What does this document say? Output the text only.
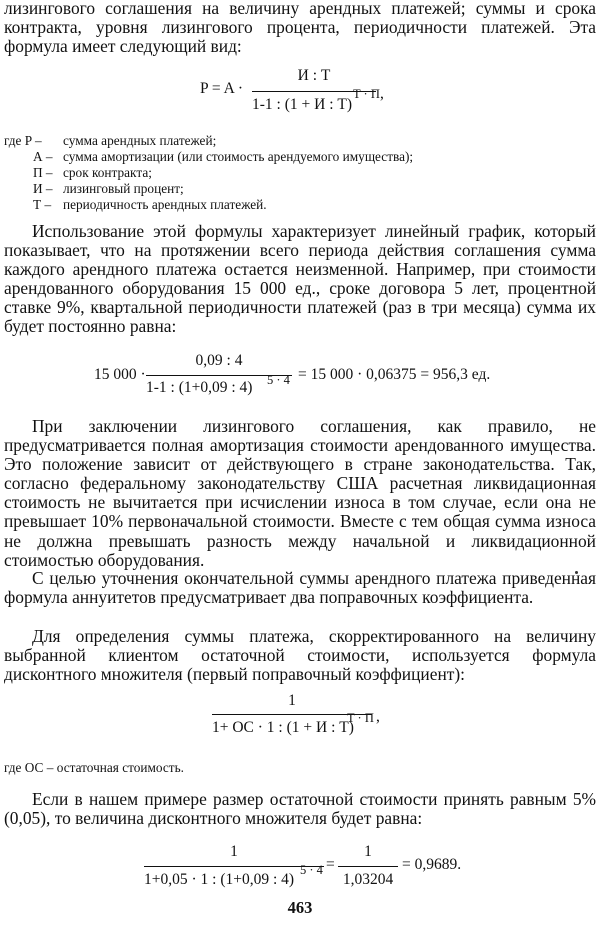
лизингового соглашения на величину арендных платежей; суммы и срока контракта, уровня лизингового процента, периодичности платежей. Эта формула имеет следующий вид:
P = A ·
И : T
1-1 : (1 + И : T)
T · П ,
где P – сумма арендных платежей;
А – сумма амортизации (или стоимость арендуемого имущества);
П – срок контракта;
И – лизинговый процент;
Т – периодичность арендных платежей.
Использование этой формулы характеризует линейный график, который показывает, что на протяжении всего периода действия соглашения сумма каждого арендного платежа остается неизменной. Например, при стоимости арендованного оборудования 15 000 ед., сроке договора 5 лет, процентной ставке 9%, квартальной периодичности платежей (раз в три месяца) сумма их будет постоянно равна:
15 000 ·
0,09 : 4
1-1 : (1+0,09 : 4) 5 · 4 = 15 000 · 0,06375 = 956,3 ед.
При заключении лизингового соглашения, как правило, не предусматривается полная амортизация стоимости арендованного имущества. Это положение зависит от действующего в стране законодательства. Так, согласно федеральному законодательству США расчетная ликвидационная стоимость не вычитается при исчислении износа в том случае, если она не превышает 10% первоначальной стоимости. Вместе с тем общая сумма износа не должна превышать разность между начальной и ликвидационной стоимостью оборудования.
С целью уточнения окончательной суммы арендного платежа приведенная формула аннуитетов предусматривает два поправочных коэффициента.
Для определения суммы платежа, скорректированного на величину выбранной клиентом остаточной стоимости, используется формула дисконтного множителя (первый поправочный коэффициент):
1
1+ OC · 1 : (1 + И : T)
T · П ,
где ОС – остаточная стоимость.
Если в нашем примере размер остаточной стоимости принять равным 5% (0,05), то величина дисконтного множителя будет равна:
1
1+0,05 · 1 : (1+0,09 : 4)
5 · 4 =
1
1,03204
= 0,9689.
463
